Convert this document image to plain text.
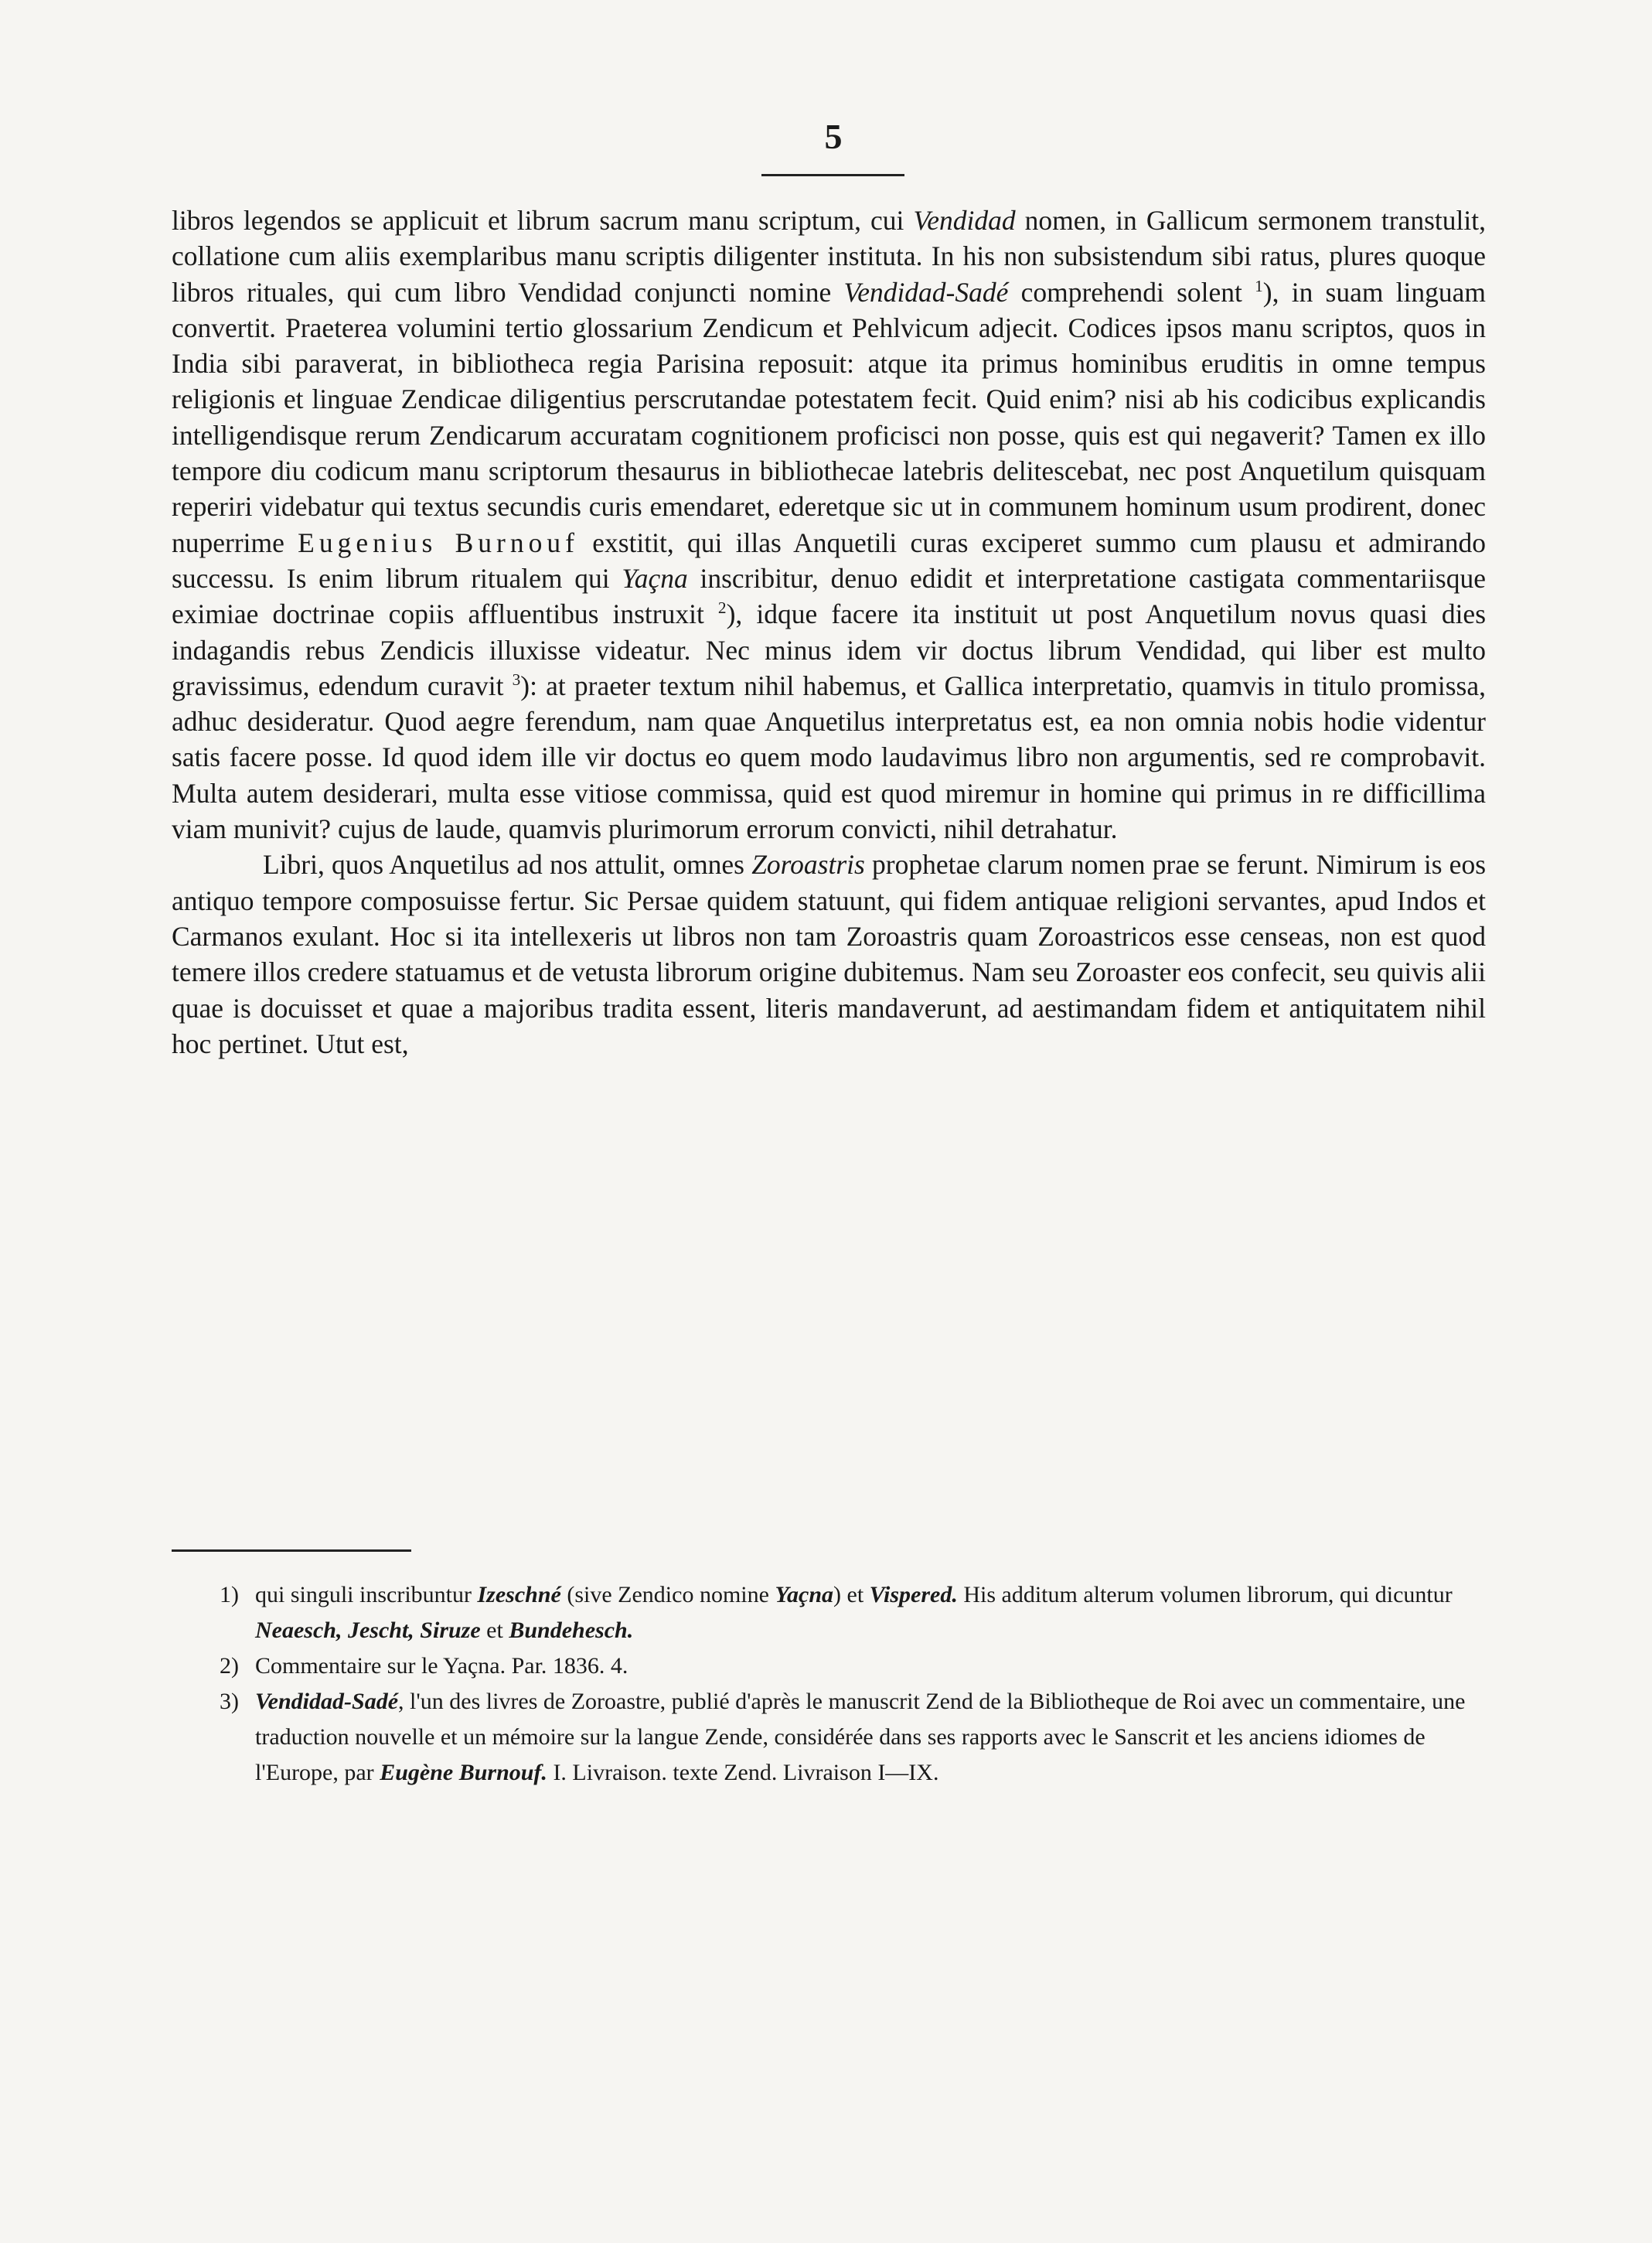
5

libros legendos se applicuit et librum sacrum manu scriptum, cui Vendidad nomen, in Gallicum sermonem transtulit, collatione cum aliis exemplaribus manu scriptis diligenter instituta. In his non subsistendum sibi ratus, plures quoque libros rituales, qui cum libro Vendidad conjuncti nomine Vendidad-Sadé comprehendi solent $^1$), in suam linguam convertit. Praeterea volumini tertio glossarium Zendicum et Pehlvicum adjecit. Codices ipsos manu scriptos, quos in India sibi paraverat, in bibliotheca regia Parisina reposuit: atque ita primus hominibus eruditis in omne tempus religionis et linguae Zendicae diligentius perscrutandae potestatem fecit. Quid enim? nisi ab his codicibus explicandis intelligendisque rerum Zendicarum accuratam cognitionem proficisci non posse, quis est qui negaverit? Tamen ex illo tempore diu codicum manu scriptorum thesaurus in bibliothecae latebris delitescebat, nec post Anquetilum quisquam reperiri videbatur qui textus secundis curis emendaret, ederetque sic ut in communem hominum usum prodirent, donec nuperrime Eugenius Burnouf exstitit, qui illas Anquetili curas exciperet summo cum plausu et admirando successu. Is enim librum ritualem qui Yaçna inscribitur, denuo edidit et interpretatione castigata commentariisque eximiae doctrinae copiis affluentibus instruxit $^2$), idque facere ita instituit ut post Anquetilum novus quasi dies indagandis rebus Zendicis illuxisse videatur. Nec minus idem vir doctus librum Vendidad, qui liber est multo gravissimus, edendum curavit $^3$): at praeter textum nihil habemus, et Gallica interpretatio, quamvis in titulo promissa, adhuc desideratur. Quod aegre ferendum, nam quae Anquetilus interpretatus est, ea non omnia nobis hodie videntur satis facere posse. Id quod idem ille vir doctus eo quem modo laudavimus libro non argumentis, sed re comprobavit. Multa autem desiderari, multa esse vitiose commissa, quid est quod miremur in homine qui primus in re difficillima viam munivit? cujus de laude, quamvis plurimorum errorum convicti, nihil detrahatur.

Libri, quos Anquetilus ad nos attulit, omnes Zoroastris prophetae clarum nomen prae se ferunt. Nimirum is eos antiquo tempore composuisse fertur. Sic Persae quidem statuunt, qui fidem antiquae religioni servantes, apud Indos et Carmanos exulant. Hoc si ita intellexeris ut libros non tam Zoroastris quam Zoroastricos esse censeas, non est quod temere illos credere statuamus et de vetusta librorum origine dubitemus. Nam seu Zoroaster eos confecit, seu quivis alii quae is docuisset et quae a majoribus tradita essent, literis mandaverunt, ad aestimandam fidem et antiquitatem nihil hoc pertinet. Utut est,

1) qui singuli inscribuntur Izeschné (sive Zendico nomine Yaçna) et Vispered. His additum alterum volumen librorum, qui dicuntur Neaesch, Jescht, Siruze et Bundehesch.

2) Commentaire sur le Yaçna. Par. 1836. 4.

3) Vendidad-Sadé, l'un des livres de Zoroastre, publié d'après le manuscrit Zend de la Bibliotheque de Roi avec un commentaire, une traduction nouvelle et un mémoire sur la langue Zende, considérée dans ses rapports avec le Sanscrit et les anciens idiomes de l'Europe, par Eugène Burnouf. I. Livraison. texte Zend. Livraison I—IX.
